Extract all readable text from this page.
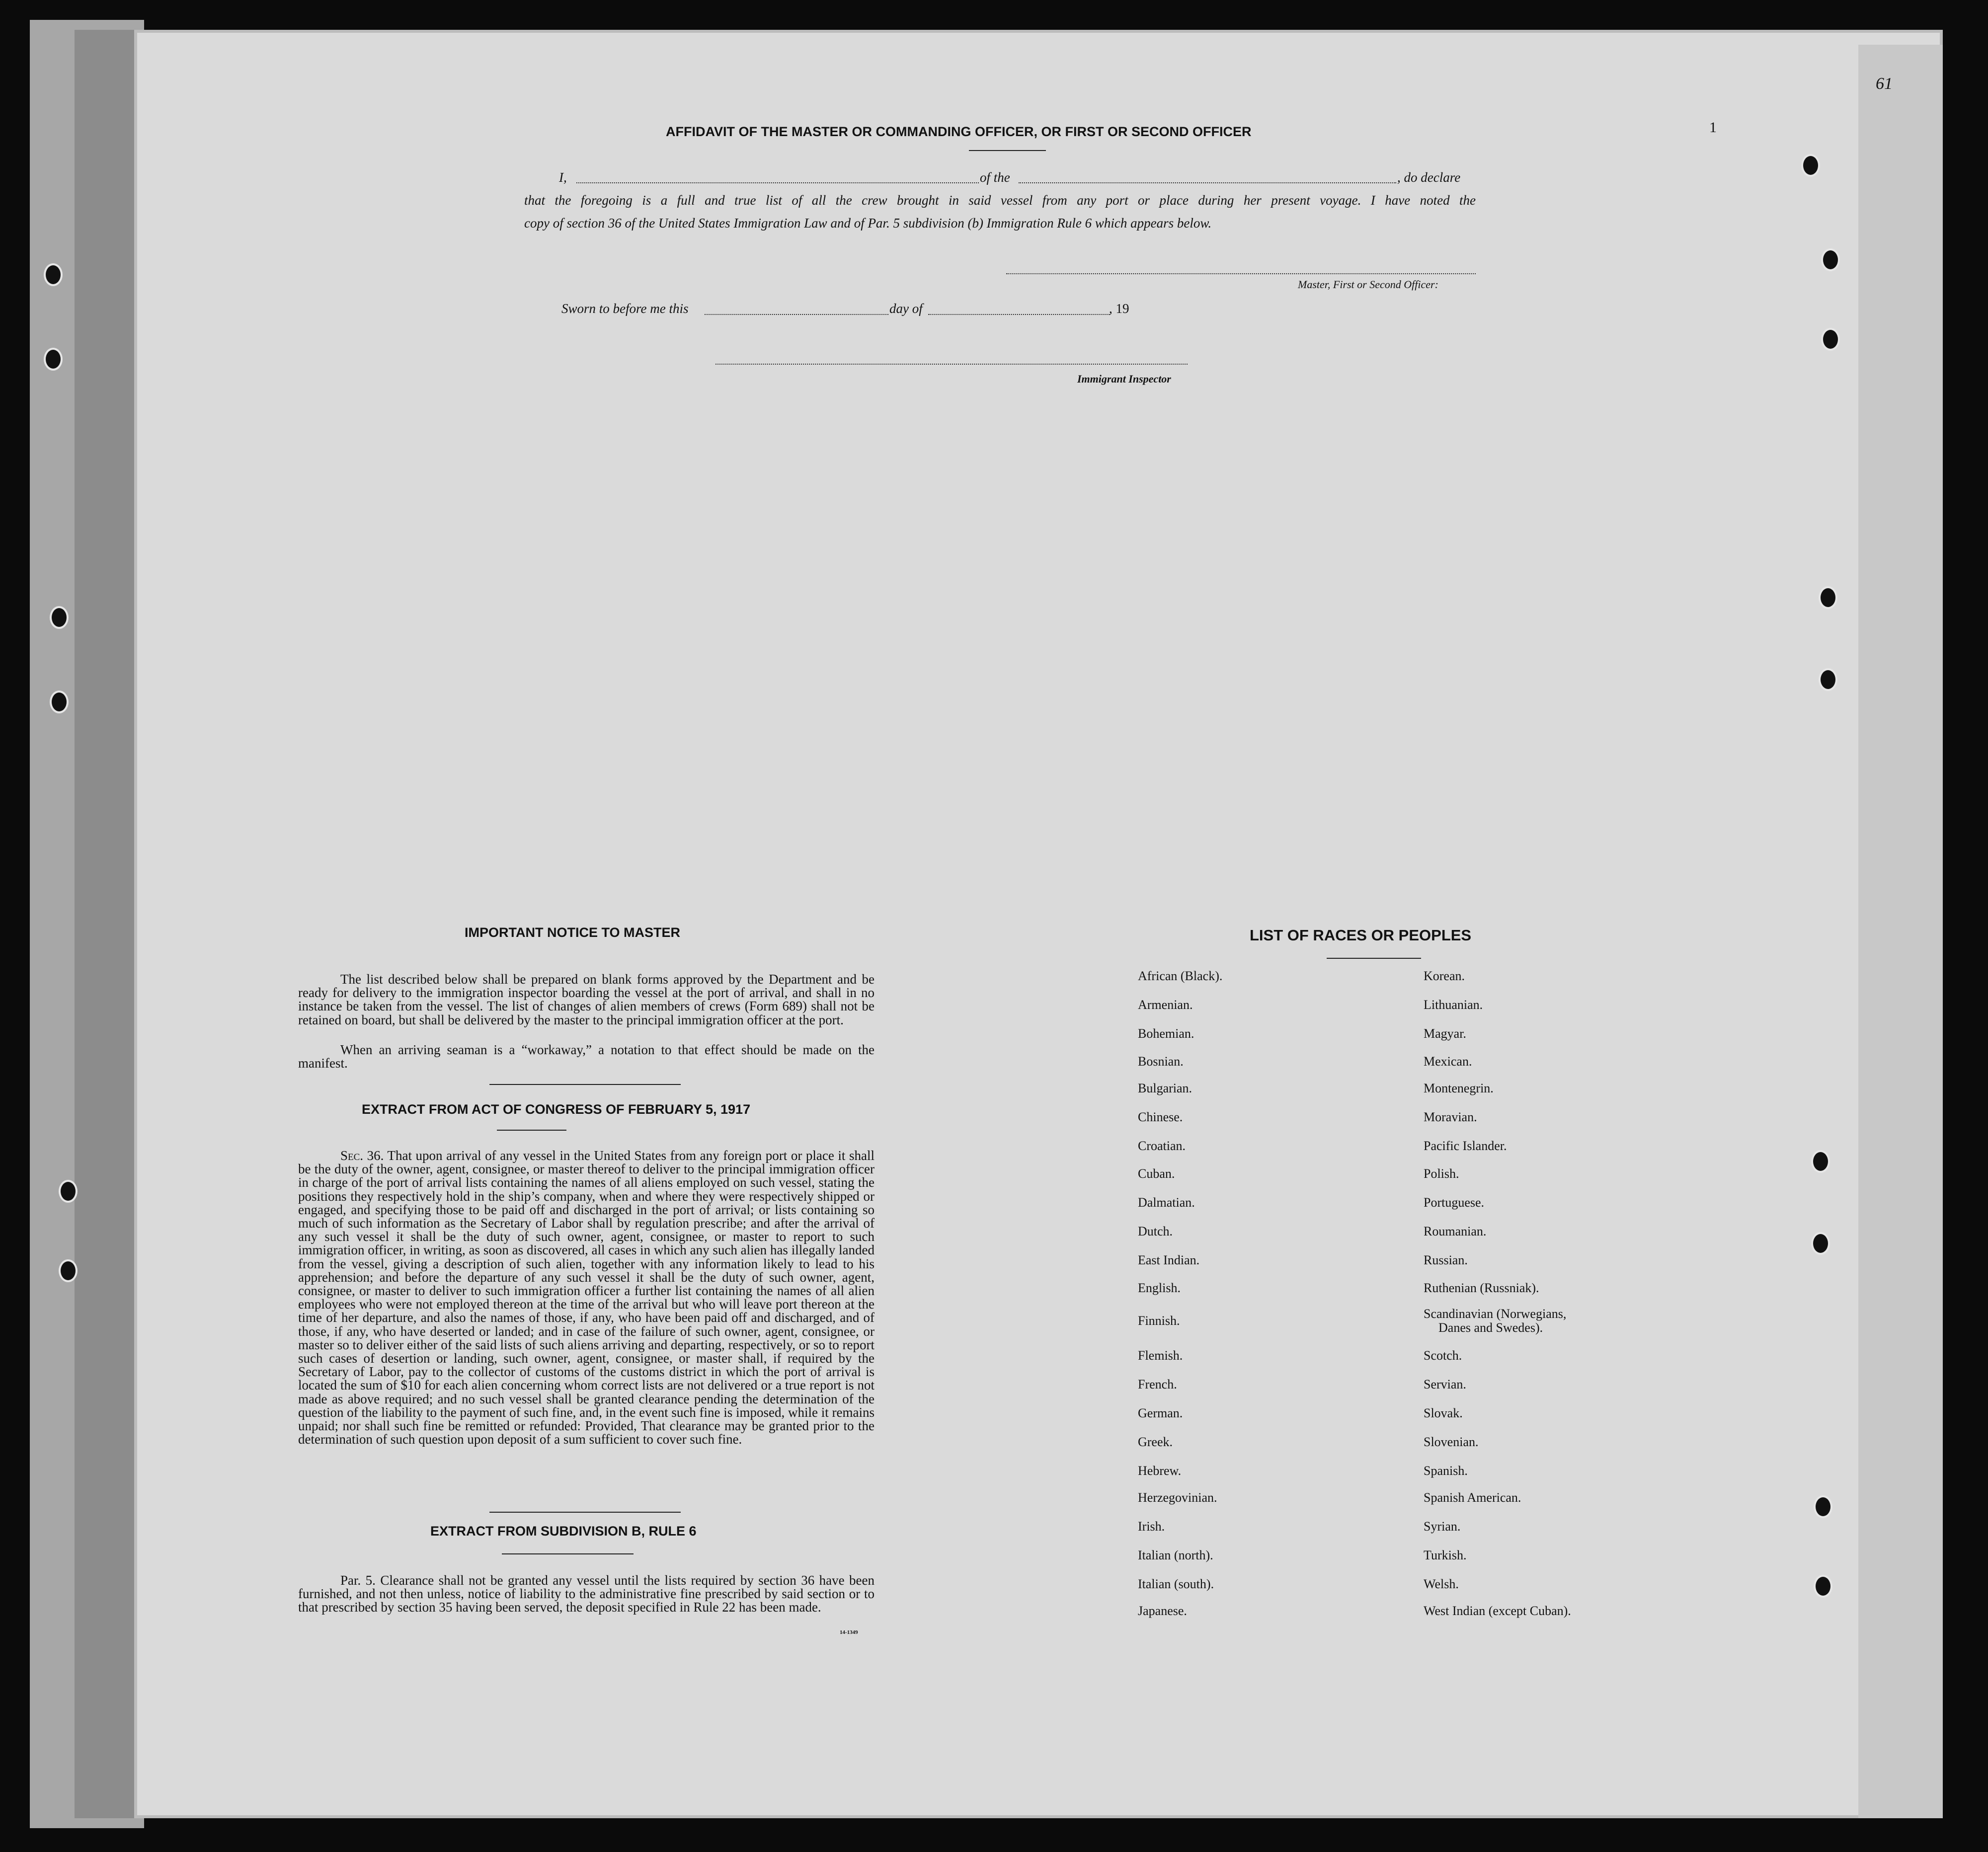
61
1
AFFIDAVIT OF THE MASTER OR COMMANDING OFFICER, OR FIRST OR SECOND OFFICER
I,	of the	, do declare
that the foregoing is a full and true list of all the crew brought in said vessel from any port or place during her present voyage. I have noted the
copy of section 36 of the United States Immigration Law and of Par. 5 subdivision (b) Immigration Rule 6 which appears below.
Master, First or Second Officer:
Sworn to before me this	day of	, 19
Immigrant Inspector
IMPORTANT NOTICE TO MASTER
The list described below shall be prepared on blank forms approved by the Department and be ready for delivery to the immigration inspector boarding the vessel at the port of arrival, and shall in no instance be taken from the vessel. The list of changes of alien members of crews (Form 689) shall not be retained on board, but shall be delivered by the master to the principal immigration officer at the port.
When an arriving seaman is a “workaway,” a notation to that effect should be made on the manifest.
EXTRACT FROM ACT OF CONGRESS OF FEBRUARY 5, 1917
Sec. 36. That upon arrival of any vessel in the United States from any foreign port or place it shall be the duty of the owner, agent, consignee, or master thereof to deliver to the principal immigration officer in charge of the port of arrival lists containing the names of all aliens employed on such vessel, stating the positions they respectively hold in the ship’s company, when and where they were respectively shipped or engaged, and specifying those to be paid off and discharged in the port of arrival; or lists containing so much of such information as the Secretary of Labor shall by regulation prescribe; and after the arrival of any such vessel it shall be the duty of such owner, agent, consignee, or master to report to such immigration officer, in writing, as soon as discovered, all cases in which any such alien has illegally landed from the vessel, giving a description of such alien, together with any information likely to lead to his apprehension; and before the departure of any such vessel it shall be the duty of such owner, agent, consignee, or master to deliver to such immigration officer a further list containing the names of all alien employees who were not employed thereon at the time of the arrival but who will leave port thereon at the time of her departure, and also the names of those, if any, who have been paid off and discharged, and of those, if any, who have deserted or landed; and in case of the failure of such owner, agent, consignee, or master so to deliver either of the said lists of such aliens arriving and departing, respectively, or so to report such cases of desertion or landing, such owner, agent, consignee, or master shall, if required by the Secretary of Labor, pay to the collector of customs of the customs district in which the port of arrival is located the sum of $10 for each alien concerning whom correct lists are not delivered or a true report is not made as above required; and no such vessel shall be granted clearance pending the determination of the question of the liability to the payment of such fine, and, in the event such fine is imposed, while it remains unpaid; nor shall such fine be remitted or refunded: Provided, That clearance may be granted prior to the determination of such question upon deposit of a sum sufficient to cover such fine.
EXTRACT FROM SUBDIVISION B, RULE 6
Par. 5. Clearance shall not be granted any vessel until the lists required by section 36 have been furnished, and not then unless, notice of liability to the administrative fine prescribed by said section or to that prescribed by section 35 having been served, the deposit specified in Rule 22 has been made.
14-1349
LIST OF RACES OR PEOPLES
African (Black).
Armenian.
Bohemian.
Bosnian.
Bulgarian.
Chinese.
Croatian.
Cuban.
Dalmatian.
Dutch.
East Indian.
English.
Finnish.
Flemish.
French.
German.
Greek.
Hebrew.
Herzegovinian.
Irish.
Italian (north).
Italian (south).
Japanese.
Korean.
Lithuanian.
Magyar.
Mexican.
Montenegrin.
Moravian.
Pacific Islander.
Polish.
Portuguese.
Roumanian.
Russian.
Ruthenian (Russniak).
Scandinavian (Norwegians,
Danes and Swedes).
Scotch.
Servian.
Slovak.
Slovenian.
Spanish.
Spanish American.
Syrian.
Turkish.
Welsh.
West Indian (except Cuban).
